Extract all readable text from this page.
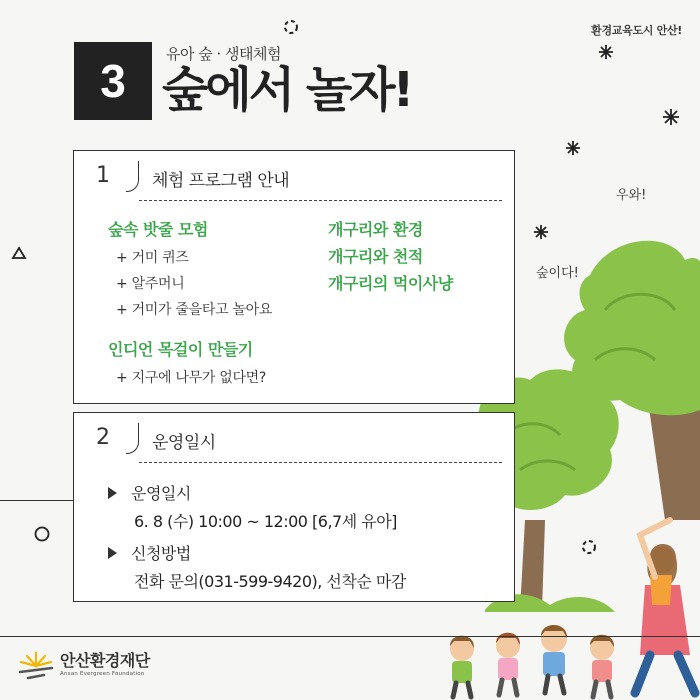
환경교육도시 안산!
3
유아 숲 · 생태체험
숲에서 놀자!
우와!
숲이다!
1 체험 프로그램 안내
숲속 밧줄 모험
+ 거미 퀴즈
+ 알주머니
+ 거미가 줄을타고 놀아요
인디언 목걸이 만들기
+ 지구에 나무가 없다면?
개구리와 환경
개구리와 천적
개구리의 먹이사냥
2 운영일시
운영일시
6. 8 (수) 10:00 ~ 12:00 [6,7세 유아]
신청방법
전화 문의(031-599-9420), 선착순 마감
안산환경재단
Ansan Evergreen Foundation
